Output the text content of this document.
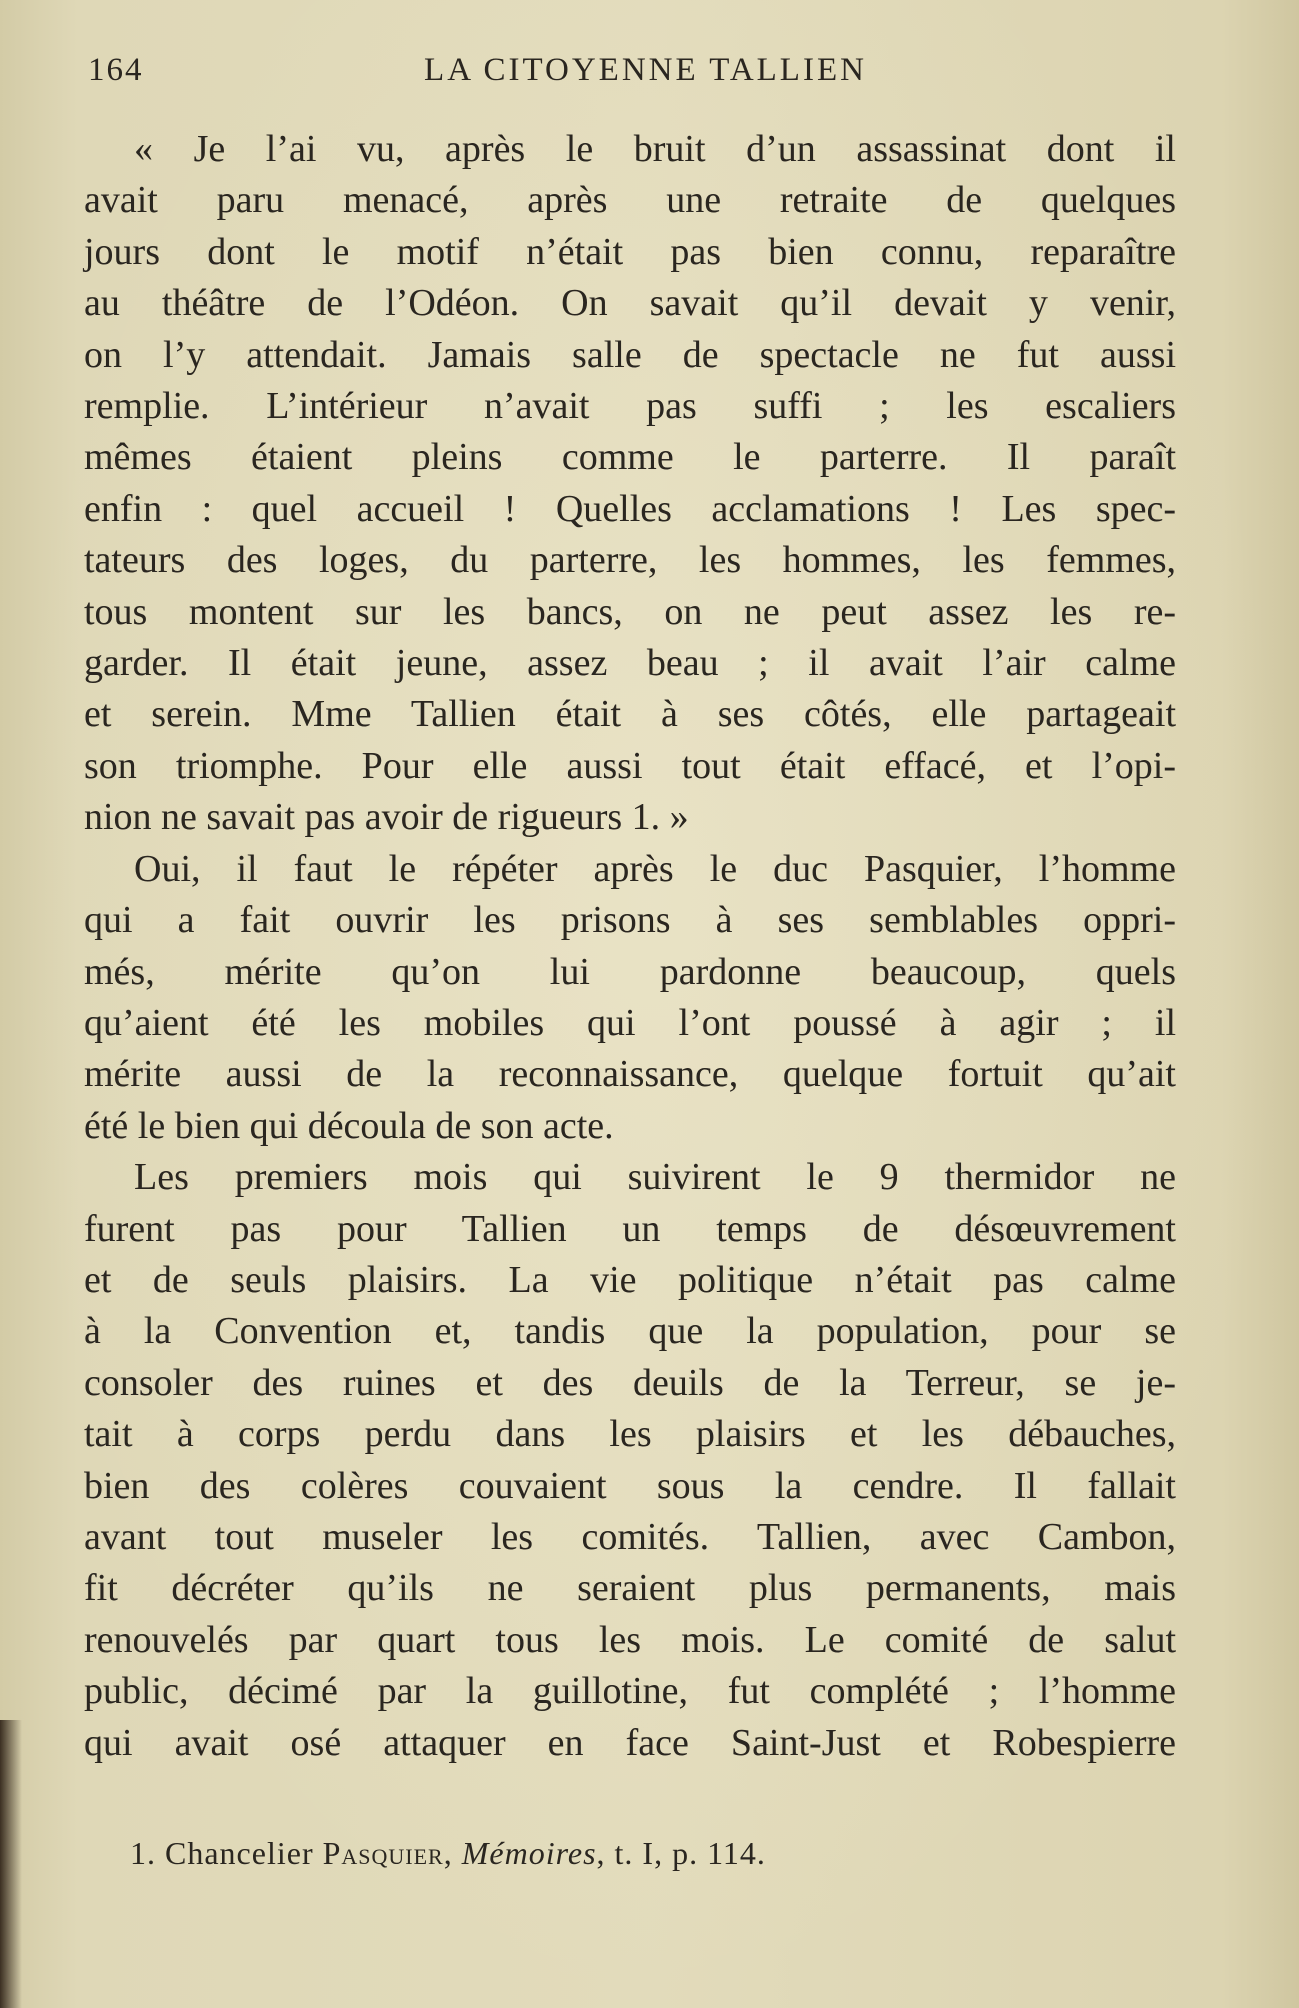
164	LA CITOYENNE TALLIEN

« Je l’ai vu, après le bruit d’un assassinat dont il
avait paru menacé, après une retraite de quelques
jours dont le motif n’était pas bien connu, reparaître
au théâtre de l’Odéon. On savait qu’il devait y venir,
on l’y attendait. Jamais salle de spectacle ne fut aussi
remplie. L’intérieur n’avait pas suffi ; les escaliers
mêmes étaient pleins comme le parterre. Il paraît
enfin : quel accueil ! Quelles acclamations ! Les spec-
tateurs des loges, du parterre, les hommes, les femmes,
tous montent sur les bancs, on ne peut assez les re-
garder. Il était jeune, assez beau ; il avait l’air calme
et serein. Mme Tallien était à ses côtés, elle partageait
son triomphe. Pour elle aussi tout était effacé, et l’opi-
nion ne savait pas avoir de rigueurs 1. »

Oui, il faut le répéter après le duc Pasquier, l’homme
qui a fait ouvrir les prisons à ses semblables oppri-
més, mérite qu’on lui pardonne beaucoup, quels
qu’aient été les mobiles qui l’ont poussé à agir ; il
mérite aussi de la reconnaissance, quelque fortuit qu’ait
été le bien qui découla de son acte.

Les premiers mois qui suivirent le 9 thermidor ne
furent pas pour Tallien un temps de désœuvrement
et de seuls plaisirs. La vie politique n’était pas calme
à la Convention et, tandis que la population, pour se
consoler des ruines et des deuils de la Terreur, se je-
tait à corps perdu dans les plaisirs et les débauches,
bien des colères couvaient sous la cendre. Il fallait
avant tout museler les comités. Tallien, avec Cambon,
fit décréter qu’ils ne seraient plus permanents, mais
renouvelés par quart tous les mois. Le comité de salut
public, décimé par la guillotine, fut complété ; l’homme
qui avait osé attaquer en face Saint-Just et Robespierre

1. Chancelier Pasquier, Mémoires, t. I, p. 114.
